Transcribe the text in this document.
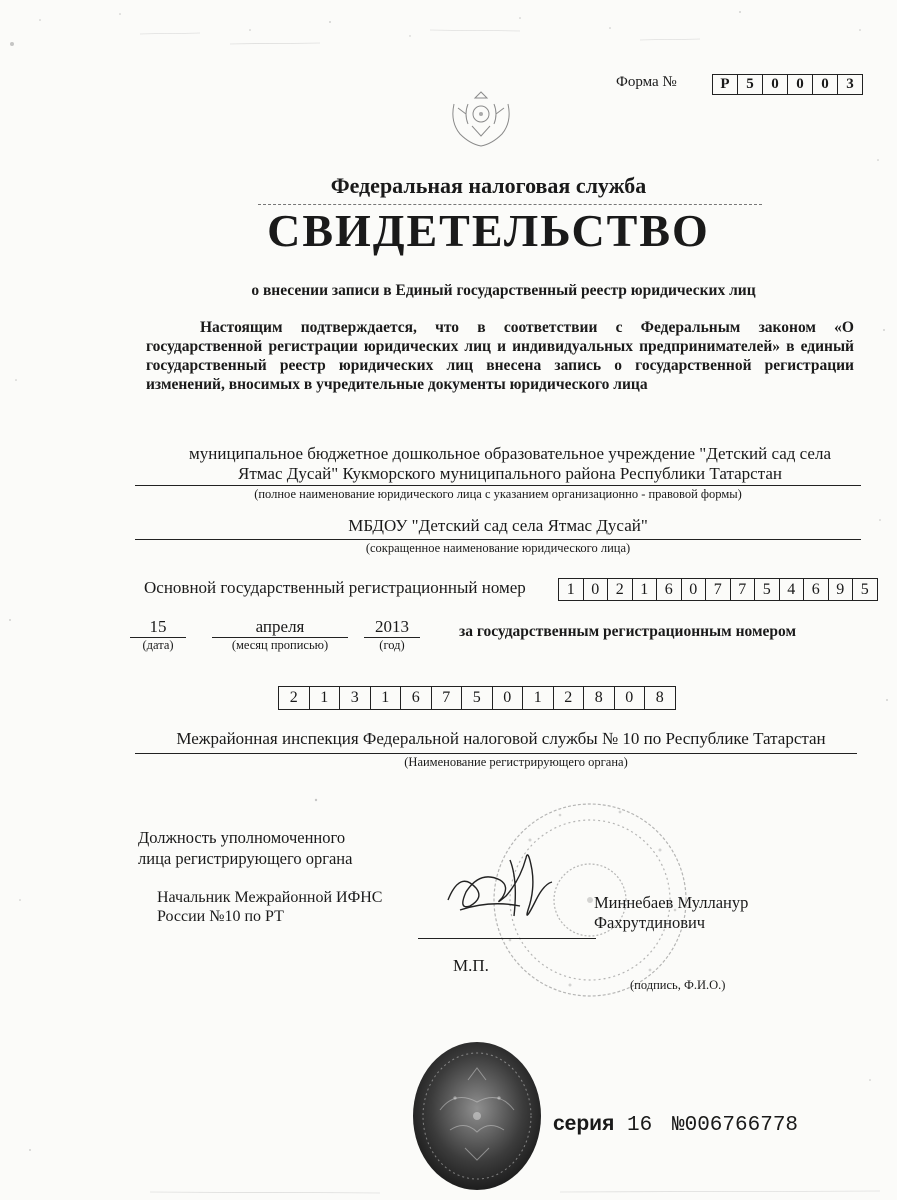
Форма №	Р	5	0	0	0	3
Федеральная налоговая служба
СВИДЕТЕЛЬСТВО
о внесении записи в Единый государственный реестр юридических лиц
Настоящим подтверждается, что в соответствии с Федеральным законом «О государственной регистрации юридических лиц и индивидуальных предпринимателей» в единый государственный реестр юридических лиц внесена запись о государственной регистрации изменений, вносимых в учредительные документы юридического лица
муниципальное бюджетное дошкольное образовательное учреждение "Детский сад села
Ятмас Дусай" Кукморского муниципального района Республики Татарстан
(полное наименование юридического лица с указанием организационно - правовой формы)
МБДОУ "Детский сад села Ятмас Дусай"
(сокращенное наименование юридического лица)
Основной государственный регистрационный номер	1	0	2	1	6	0	7	7	5	4	6	9	5
15
(дата)
апреля
(месяц прописью)
2013
(год)
за государственным регистрационным номером
2	1	3	1	6	7	5	0	1	2	8	0	8
Межрайонная инспекция Федеральной налоговой службы № 10 по Республике Татарстан
(Наименование регистрирующего органа)
Должность уполномоченного
лица регистрирующего органа
Начальник Межрайонной ИФНС
России №10 по РТ
Миннебаев Мулланур
Фахрутдинович
М.П.
(подпись, Ф.И.О.)
серия 16 №006766778
